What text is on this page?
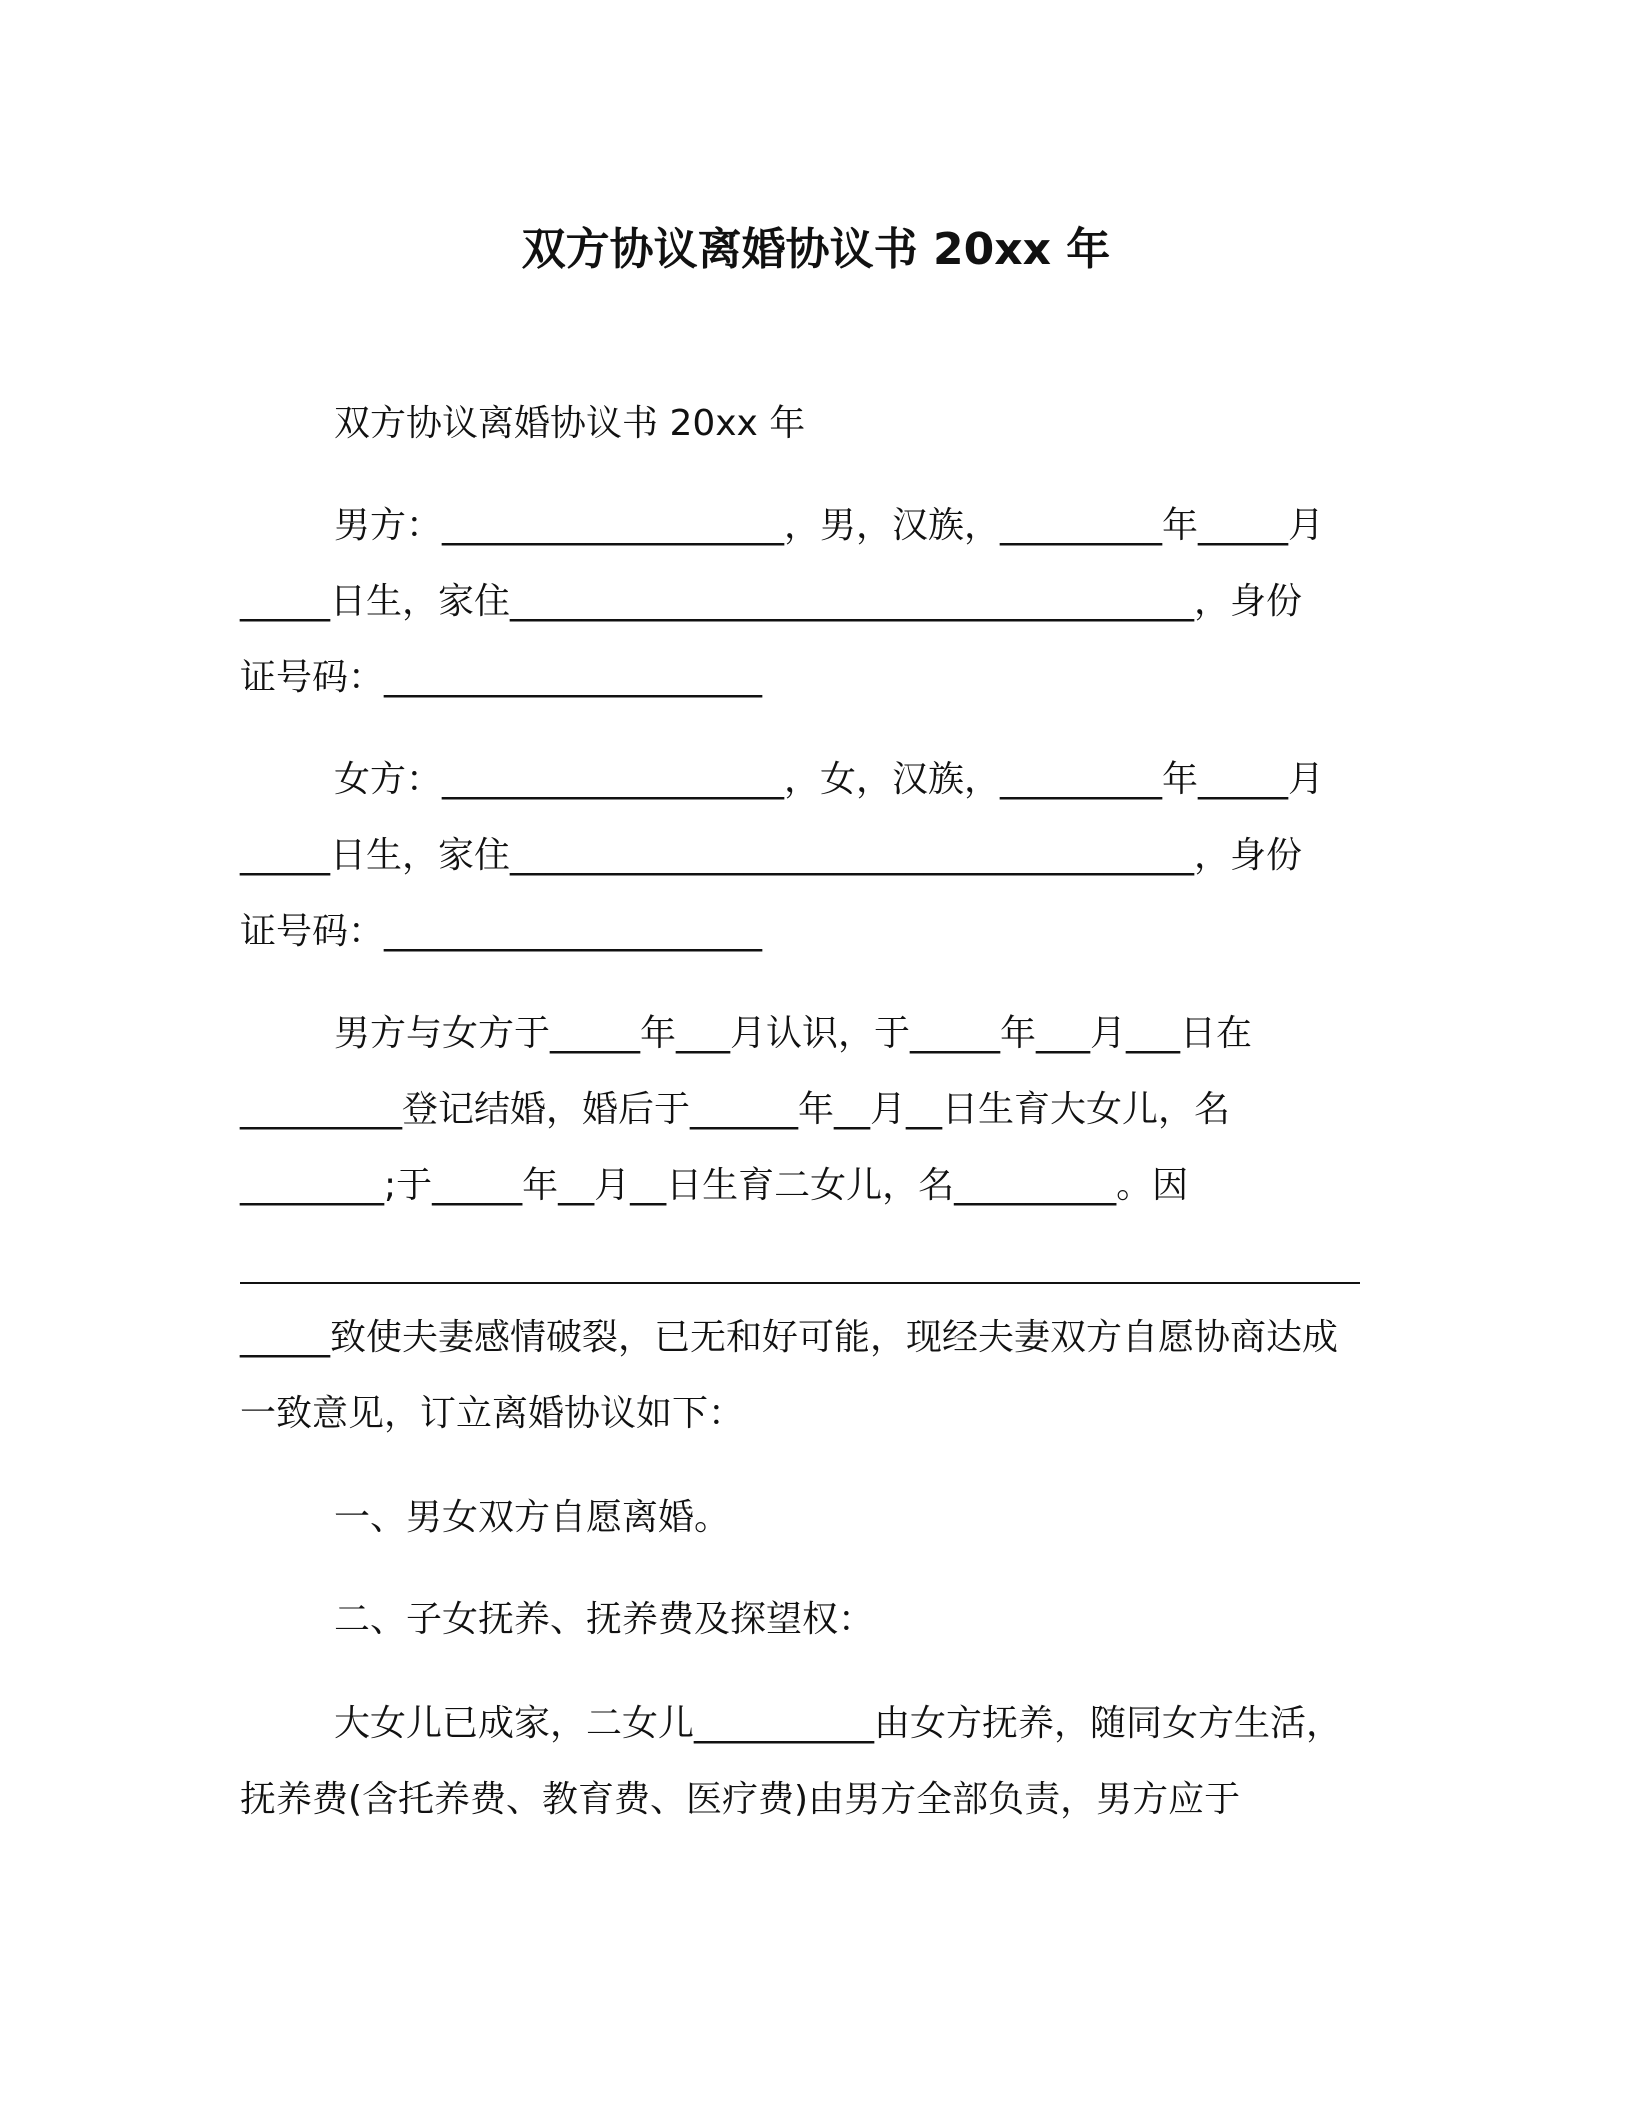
双方协议离婚协议书 20xx 年

双方协议离婚协议书 20xx 年

男方：___________________，男，汉族，_________年_____月

_____日生，家住______________________________________，身份

证号码：_____________________

女方：___________________，女，汉族，_________年_____月

_____日生，家住______________________________________，身份

证号码：_____________________

男方与女方于_____年___月认识，于_____年___月___日在

_________登记结婚，婚后于______年__月__日生育大女儿，名

________;于_____年__月__日生育二女儿，名_________。因

_____致使夫妻感情破裂，已无和好可能，现经夫妻双方自愿协商达成

一致意见，订立离婚协议如下：

一、男女双方自愿离婚。

二、子女抚养、抚养费及探望权：

大女儿已成家，二女儿__________由女方抚养，随同女方生活，

抚养费(含托养费、教育费、医疗费)由男方全部负责，男方应于
